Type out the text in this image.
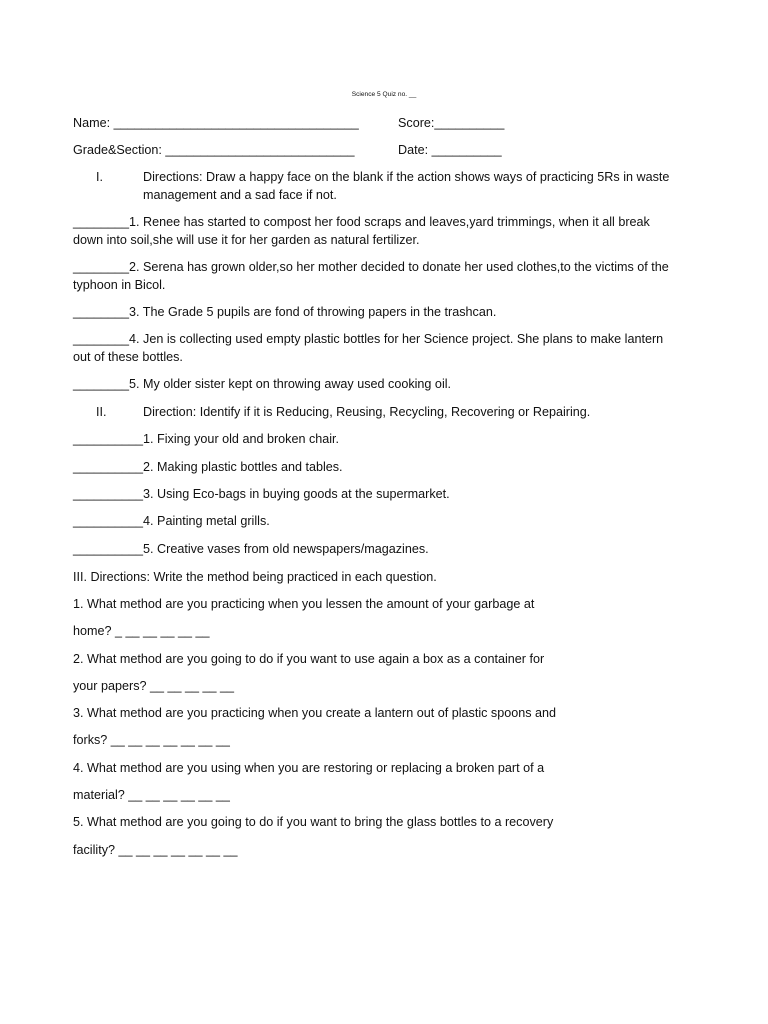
Science 5 Quiz no. __
Name: ___________________________________	Score:__________
Grade&Section: ___________________________	Date: __________
I.	Directions: Draw a happy face on the blank if the action shows ways of practicing 5Rs in waste
management and a sad face if not.
________1. Renee has started to compost her food scraps and leaves,yard trimmings, when it all break
down into soil,she will use it for her garden as natural fertilizer.
________2. Serena has grown older,so her mother decided to donate her used clothes,to the victims of the
typhoon in Bicol.
________3. The Grade 5 pupils are fond of throwing papers in the trashcan.
________4. Jen is collecting used empty plastic bottles for her Science project. She plans to make lantern
out of these bottles.
________5. My older sister kept on throwing away used cooking oil.
II.	Direction: Identify if it is Reducing, Reusing, Recycling, Recovering or Repairing.
__________1. Fixing your old and broken chair.
__________2. Making plastic bottles and tables.
__________3. Using Eco-bags in buying goods at the supermarket.
__________4. Painting metal grills.
__________5. Creative vases from old newspapers/magazines.
III. Directions: Write the method being practiced in each question.
1. What method are you practicing when you lessen the amount of your garbage at
home? _ __ __ __ __ __
2. What method are you going to do if you want to use again a box as a container for
your papers? __ __ __ __ __
3. What method are you practicing when you create a lantern out of plastic spoons and
forks? __ __ __ __ __ __ __
4. What method are you using when you are restoring or replacing a broken part of a
material? __ __ __ __ __ __
5. What method are you going to do if you want to bring the glass bottles to a recovery
facility? __ __ __ __ __ __ __
